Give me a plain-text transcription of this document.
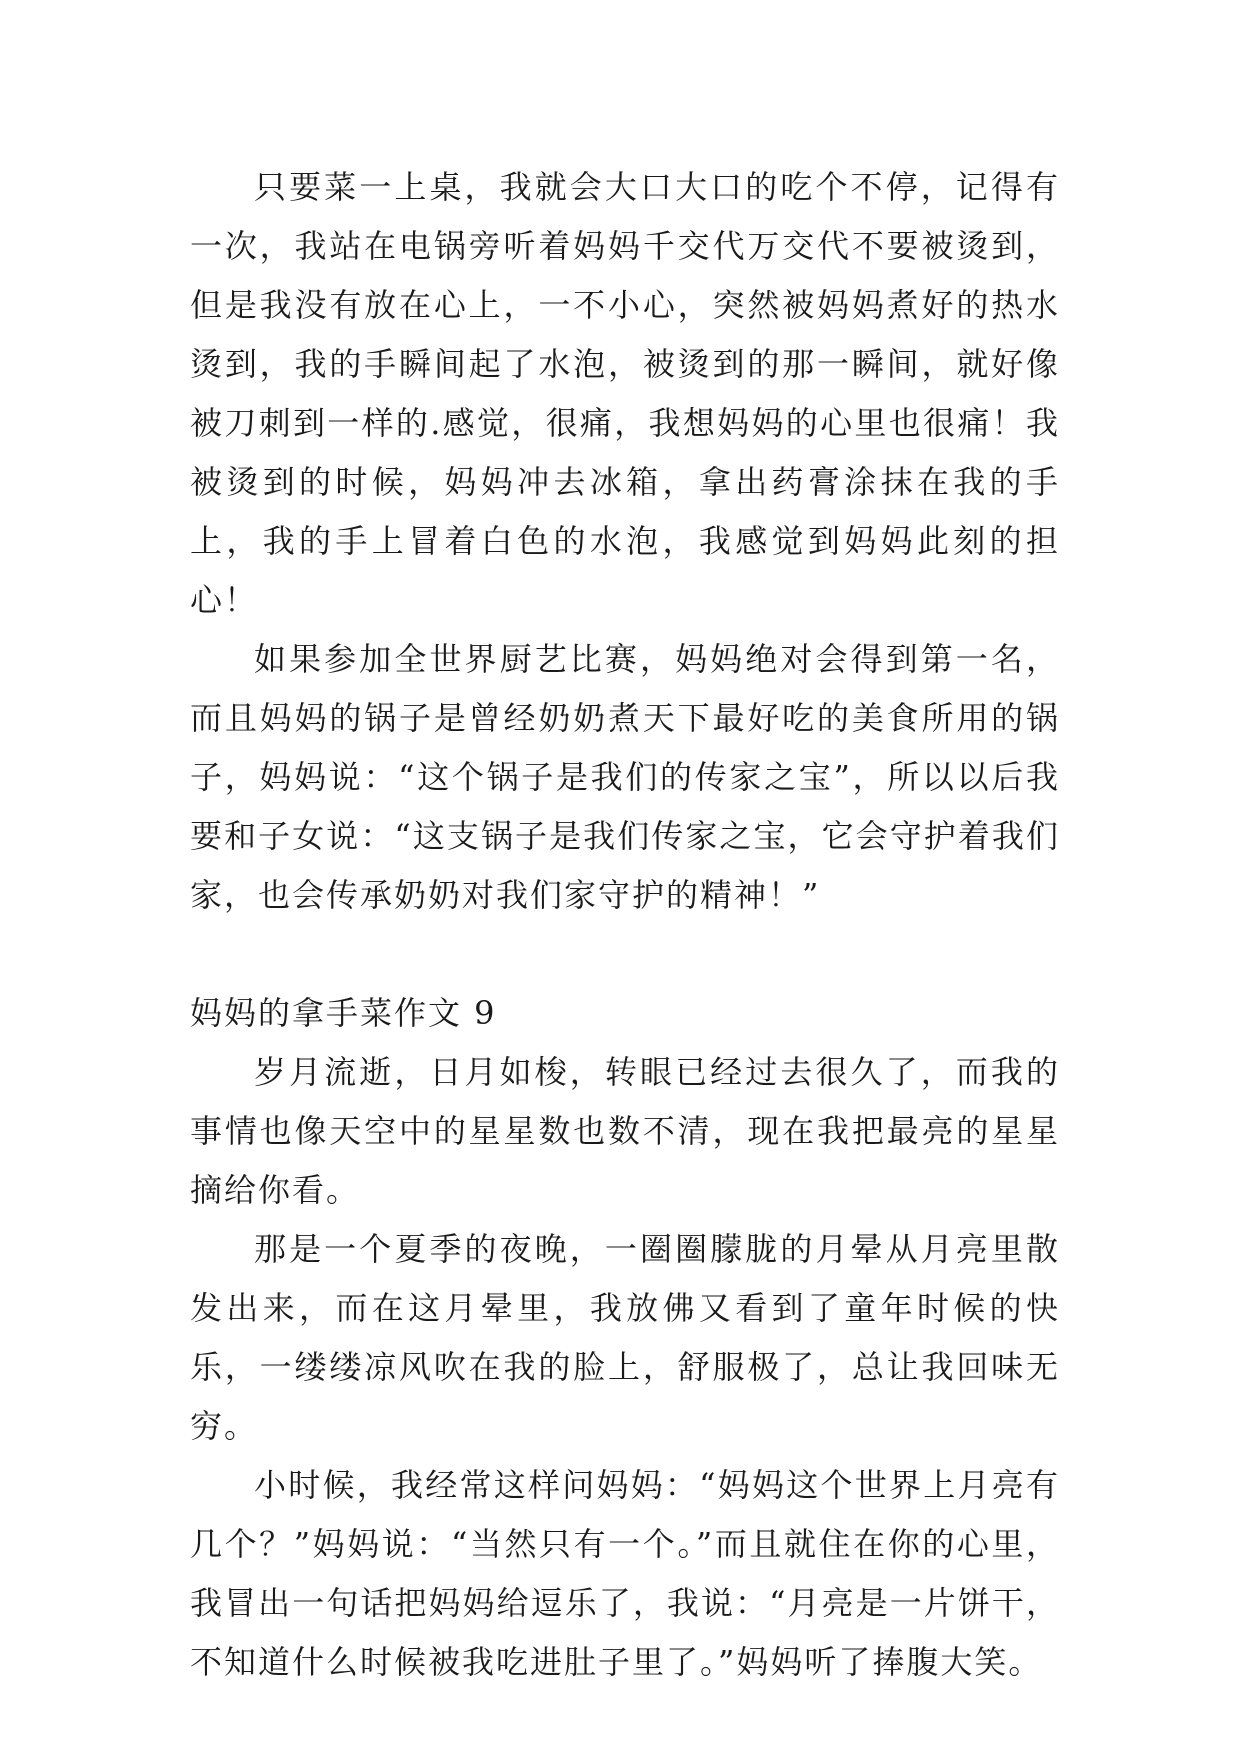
只要菜一上桌，我就会大口大口的吃个不停，记得有一次，我站在电锅旁听着妈妈千交代万交代不要被烫到，但是我没有放在心上，一不小心，突然被妈妈煮好的热水烫到，我的手瞬间起了水泡，被烫到的那一瞬间，就好像被刀刺到一样的.感觉，很痛，我想妈妈的心里也很痛！我被烫到的时候，妈妈冲去冰箱，拿出药膏涂抹在我的手上，我的手上冒着白色的水泡，我感觉到妈妈此刻的担心！

如果参加全世界厨艺比赛，妈妈绝对会得到第一名，而且妈妈的锅子是曾经奶奶煮天下最好吃的美食所用的锅子，妈妈说：“这个锅子是我们的传家之宝”，所以以后我要和子女说：“这支锅子是我们传家之宝，它会守护着我们家，也会传承奶奶对我们家守护的精神！”

妈妈的拿手菜作文 9

岁月流逝，日月如梭，转眼已经过去很久了，而我的事情也像天空中的星星数也数不清，现在我把最亮的星星摘给你看。

那是一个夏季的夜晚，一圈圈朦胧的月晕从月亮里散发出来，而在这月晕里，我放佛又看到了童年时候的快乐，一缕缕凉风吹在我的脸上，舒服极了，总让我回味无穷。

小时候，我经常这样问妈妈：“妈妈这个世界上月亮有几个？”妈妈说：“当然只有一个。”而且就住在你的心里，我冒出一句话把妈妈给逗乐了，我说：“月亮是一片饼干，不知道什么时候被我吃进肚子里了。”妈妈听了捧腹大笑。
